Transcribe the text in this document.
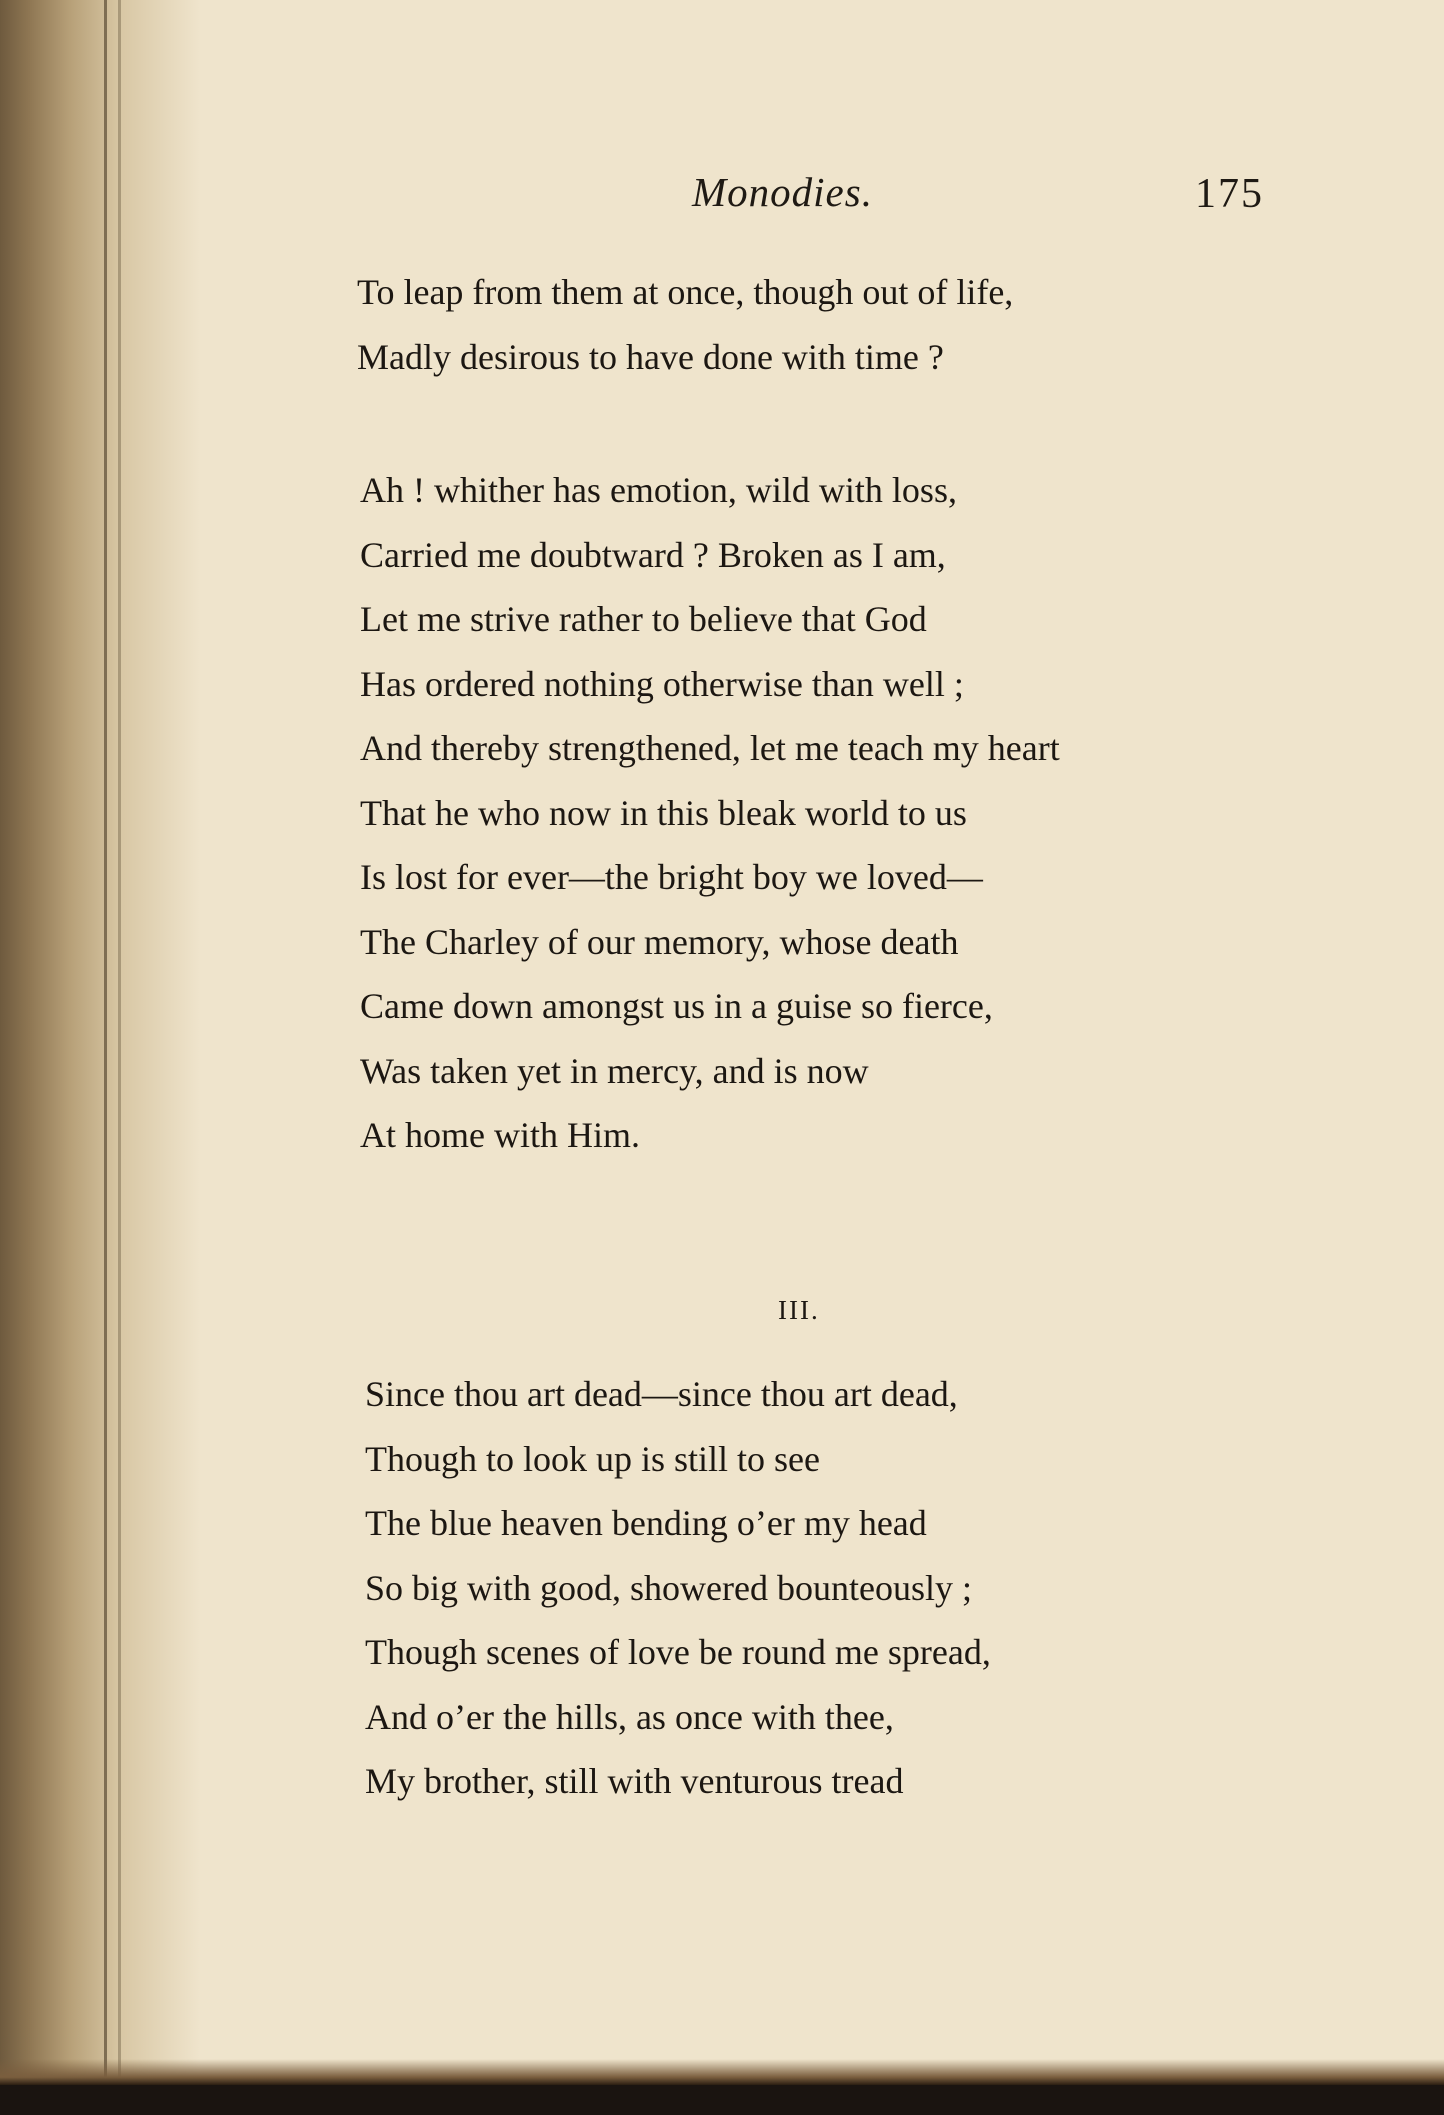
Monodies.	175
To leap from them at once, though out of life,
Madly desirous to have done with time ?
Ah ! whither has emotion, wild with loss,
Carried me doubtward ? Broken as I am,
Let me strive rather to believe that God
Has ordered nothing otherwise than well ;
And thereby strengthened, let me teach my heart
That he who now in this bleak world to us
Is lost for ever—the bright boy we loved—
The Charley of our memory, whose death
Came down amongst us in a guise so fierce,
Was taken yet in mercy, and is now
At home with Him.
III.
Since thou art dead—since thou art dead,
Though to look up is still to see
The blue heaven bending o’er my head
So big with good, showered bounteously ;
Though scenes of love be round me spread,
And o’er the hills, as once with thee,
My brother, still with venturous tread
